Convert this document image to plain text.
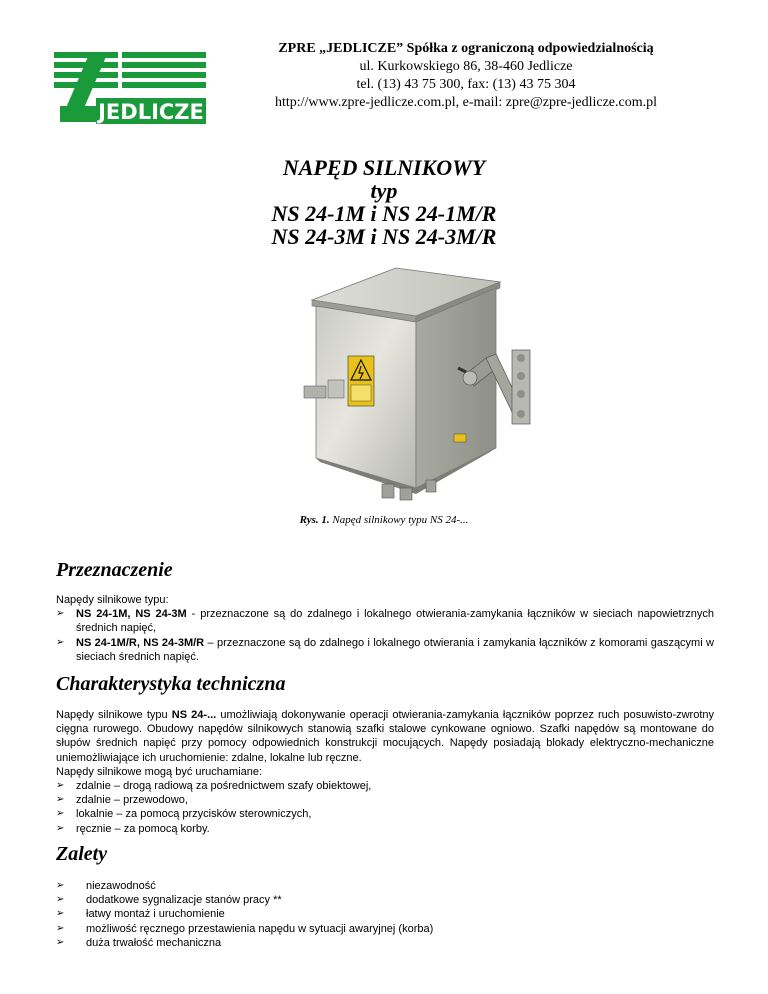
JEDLICZE
ZPRE „JEDLICZE” Spółka z ograniczoną odpowiedzialnością
ul. Kurkowskiego 86, 38-460 Jedlicze
tel. (13) 43 75 300, fax: (13) 43 75 304
http://www.zpre-jedlicze.com.pl, e-mail: zpre@zpre-jedlicze.com.pl
NAPĘD SILNIKOWY
typ
NS 24-1M i NS 24-1M/R
NS 24-3M i NS 24-3M/R
Rys. 1. Napęd silnikowy typu NS 24-...
Przeznaczenie

Napędy silnikowe typu:

➢ NS 24-1M, NS 24-3M - przeznaczone są do zdalnego i lokalnego otwierania-zamykania łączników w sieciach napowietrznych średnich napięć,
➢ NS 24-1M/R, NS 24-3M/R – przeznaczone są do zdalnego i lokalnego otwierania i zamykania łączników z komorami gaszącymi w sieciach średnich napięć.
Charakterystyka techniczna

Napędy silnikowe typu NS 24-... umożliwiają dokonywanie operacji otwierania-zamykania łączników poprzez ruch posuwisto-zwrotny cięgna rurowego. Obudowy napędów silnikowych stanowią szafki stalowe cynkowane ogniowo. Szafki napędów są montowane do słupów średnich napięć przy pomocy odpowiednich konstrukcji mocujących. Napędy posiadają blokady elektryczno-mechaniczne uniemożliwiające ich uruchomienie: zdalne, lokalne lub ręczne.

Napędy silnikowe mogą być uruchamiane:

➢ zdalnie – drogą radiową za pośrednictwem szafy obiektowej,
➢ zdalnie – przewodowo,
➢ lokalnie – za pomocą przycisków sterowniczych,
➢ ręcznie – za pomocą korby.
Zalety
➢ niezawodność
➢ dodatkowe sygnalizacje stanów pracy **
➢ łatwy montaż i uruchomienie
➢ możliwość ręcznego przestawienia napędu w sytuacji awaryjnej (korba)
➢ duża trwałość mechaniczna
